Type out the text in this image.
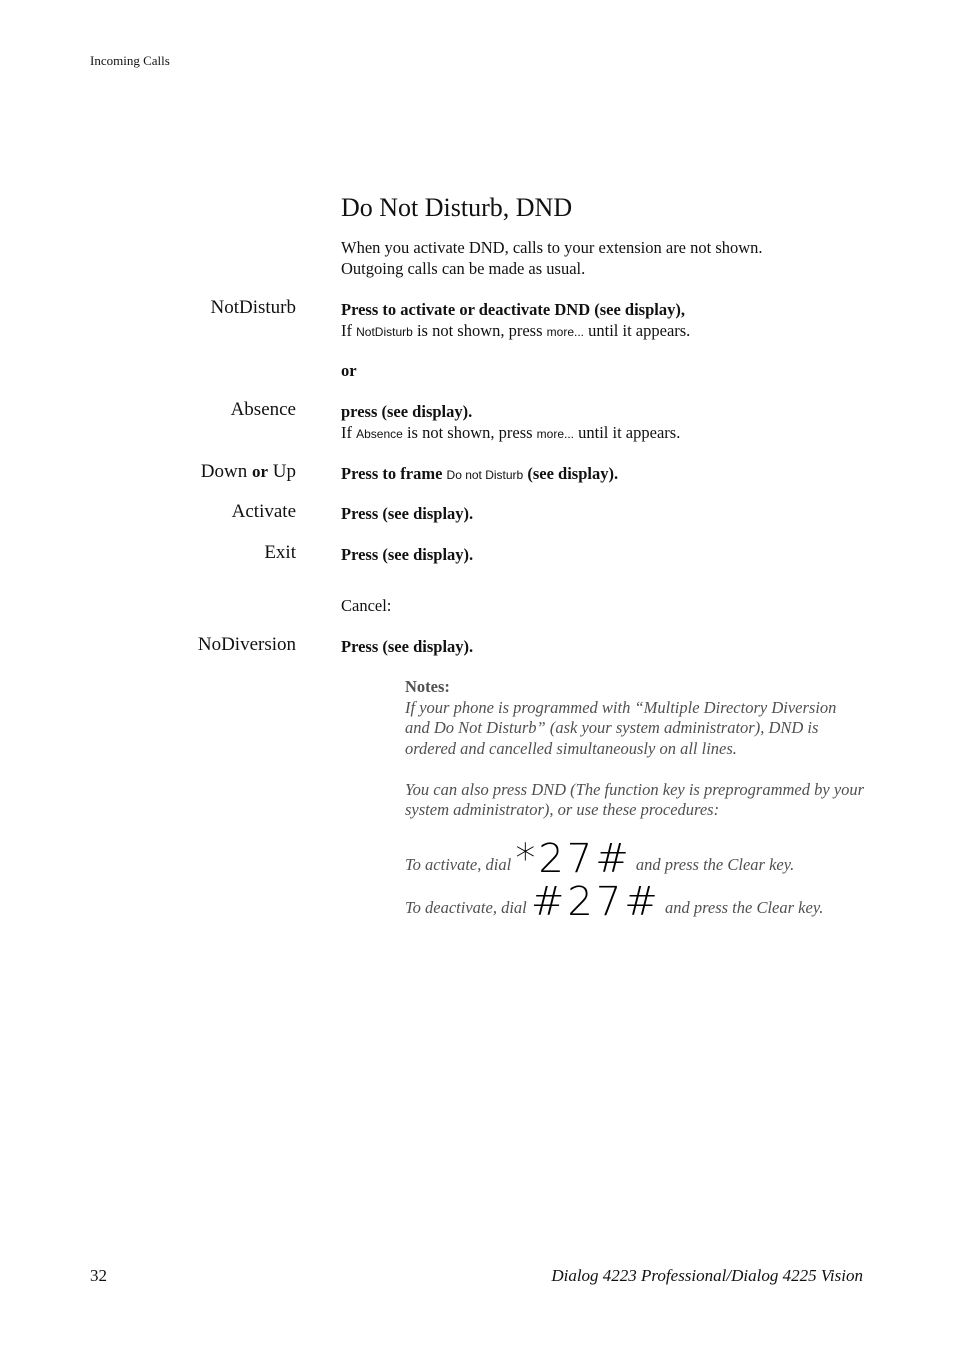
Incoming Calls
Do Not Disturb, DND
When you activate DND, calls to your extension are not shown.
Outgoing calls can be made as usual.
NotDisturb	Press to activate or deactivate DND (see display),
If NotDisturb is not shown, press more... until it appears.
or
Absence	press (see display).
If Absence is not shown, press more... until it appears.
Down or Up	Press to frame Do not Disturb (see display).
Activate	Press (see display).
Exit	Press (see display).
Cancel:
NoDiversion	Press (see display).
Notes:
If your phone is programmed with “Multiple Directory Diversion and Do Not Disturb” (ask your system administrator), DND is ordered and cancelled simultaneously on all lines.
You can also press DND (The function key is preprogrammed by your system administrator), or use these procedures:
To activate, dial *27# and press the Clear key.
To deactivate, dial #27# and press the Clear key.
32	Dialog 4223 Professional/Dialog 4225 Vision
